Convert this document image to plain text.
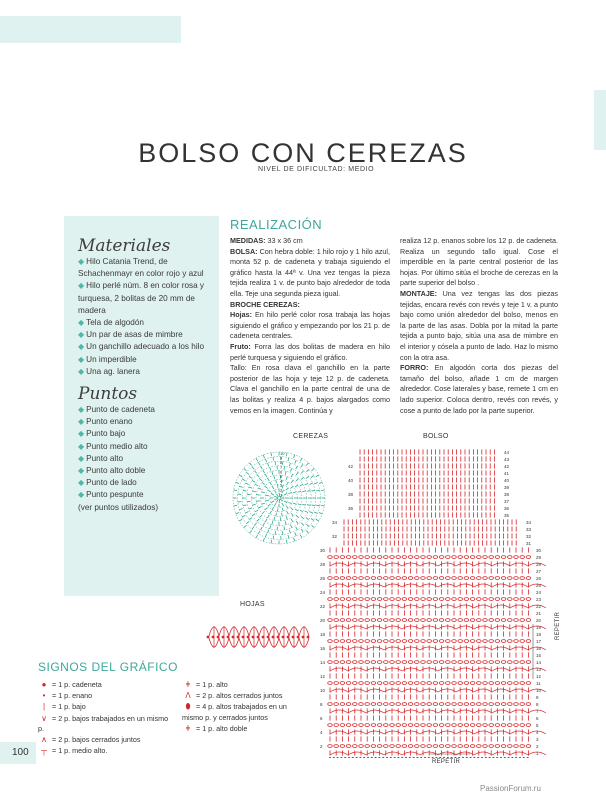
BOLSO CON CEREZAS
NIVEL DE DIFICULTAD: MEDIO
Materiales
◆ Hilo Catania Trend, de Schachenmayr en color rojo y azul
◆ Hilo perlé núm. 8 en color rosa y turquesa, 2 bolitas de 20 mm de madera
◆ Tela de algodón
◆ Un par de asas de mimbre
◆ Un ganchillo adecuado a los hilo
◆ Un imperdible
◆ Una ag. lanera
Puntos
◆ Punto de cadeneta
◆ Punto enano
◆ Punto bajo
◆ Punto medio alto
◆ Punto alto
◆ Punto alto doble
◆ Punto de lado
◆ Punto pespunte
(ver puntos utilizados)
REALIZACIÓN
MEDIDAS: 33 x 36 cm
BOLSA: Con hebra doble: 1 hilo rojo y 1 hilo azul, monta 52 p. de cadeneta y trabaja siguiendo el gráfico hasta la 44ª v. Una vez tengas la pieza tejida realiza 1 v. de punto bajo alrededor de toda ella. Teje una segunda pieza igual.
BROCHE CEREZAS:
Hojas: En hilo perlé color rosa trabaja las hojas siguiendo el gráfico y empezando por los 21 p. de cadeneta centrales.
Fruto: Forra las dos bolitas de madera en hilo perlé turquesa y siguiendo el gráfico.
Tallo: En rosa clava el ganchillo en la parte posterior de las hoja y teje 12 p. de cadeneta. Clava el ganchillo en la parte central de una de las bolitas y realiza 4 p. bajos alargados como vemos en la imagen. Continúa y
realiza 12 p. enanos sobre los 12 p. de cadeneta. Realiza un segundo tallo igual. Cose el imperdible en la parte central posterior de las hojas. Por último sitúa el broche de cerezas en la parte superior del bolso .
MONTAJE: Una vez tengas las dos piezas tejidas, encara revés con revés y teje 1 v. a punto bajo como unión alrededor del bolso, menos en la parte de las asas. Dobla por la mitad la parte tejida a punto bajo, sitúa una asa de mimbre en el interior y cósela a punto de lado. Haz lo mismo con la otra asa.
FORRO: En algodón corta dos piezas del tamaño del bolso, añade 1 cm de margen alrededor. Cose laterales y base, remete 1 cm en lado superior. Coloca dentro, revés con revés, y cose a punto de lado por la parte superior.
CEREZAS	BOLSO
HOJAS
REPETIR
REPETIR
10
9
8
7
6
5
4
3
2
1
44
43
42
41
40
39
38
37
36
35
34
33
32
31
30
29
28
27
26
25
24
23
22
21
20
19
18
17
16
15
14
13
12
11
10
9
8
7
6
5
4
3
2
1
42
40
38
36
34
32
30
28
26
24
22
20
18
16
14
12
10
8
6
4
2
SIGNOS DEL GRÁFICO
● = 1 p. cadeneta
• = 1 p. enano
| = 1 p. bajo
∨ = 2 p. bajos trabajados en un mismo p.
∧ = 2 p. bajos cerrados juntos
┬ = 1 p. medio alto.
ǂ = 1 p. alto
Λ = 2 p. altos cerrados juntos
⬮ = 4 p. altos trabajados en un mismo p. y cerrados juntos
ǂ = 1 p. alto doble
100
PassionForum.ru
